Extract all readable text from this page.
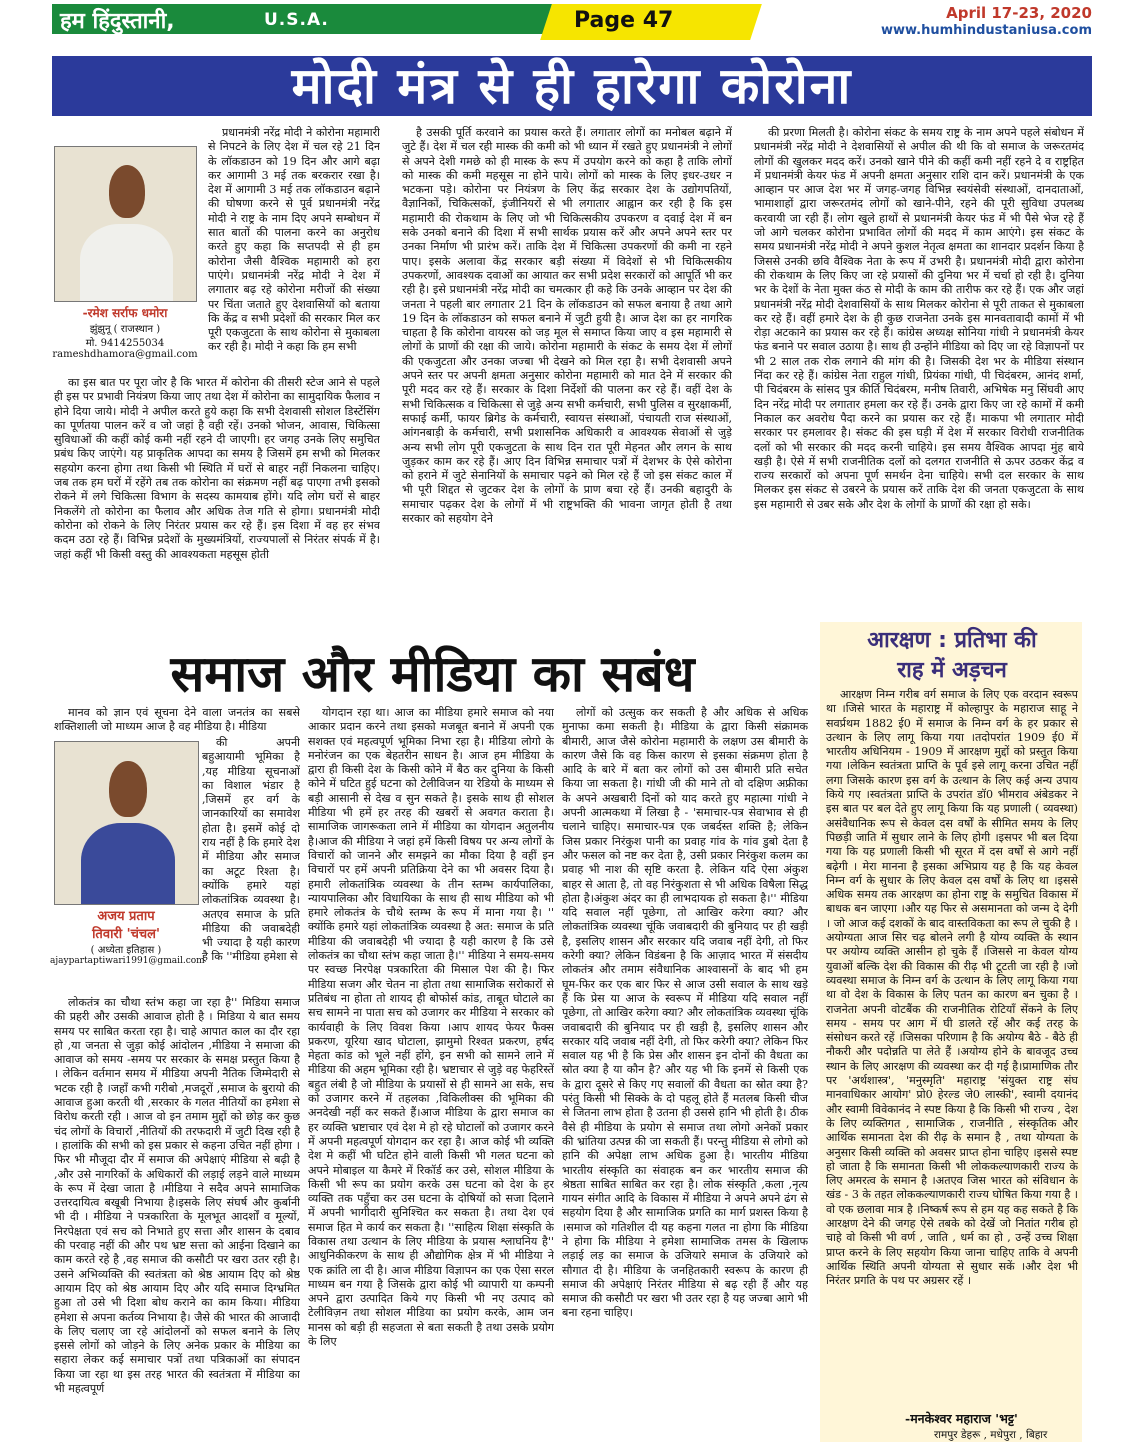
हम हिंदुस्तानी,	U.S.A.	Page 47	April 17-23, 2020
www.humhindustaniusa.com
मोदी मंत्र से ही हारेगा कोरोना
-रमेश सर्राफ धमोरा
झुंझुनू ( राजस्थान )
मो. 9414255034
rameshdhamora@gmail.com

प्रधानमंत्री नरेंद्र मोदी ने कोरोना महामारी से निपटने के लिए देश में चल रहे 21 दिन के लॉकडाउन को 19 दिन और आगे बढ़ा कर आगामी 3 मई तक बरकरार रखा है। देश में आगामी 3 मई तक लॉकडाउन बढ़ाने की घोषणा करने से पूर्व प्रधानमंत्री नरेंद्र मोदी ने राष्ट्र के नाम दिए अपने सम्बोधन में सात बातों की पालना करने का अनुरोध करते हुए कहा कि सप्तपदी से ही हम कोरोना जैसी वैश्विक महामारी को हरा पाएंगे। प्रधानमंत्री नरेंद्र मोदी ने देश में लगातार बढ़ रहे कोरोना मरीजों की संख्या पर चिंता जताते हुए देशवासियों को बताया कि केंद्र व सभी प्रदेशों की सरकार मिल कर पूरी एकजुटता के साथ कोरोना से मुकाबला कर रही है। मोदी ने कहा कि हम सभी

का इस बात पर पूरा जोर है कि भारत में कोरोना की तीसरी स्टेज आने से पहले ही इस पर प्रभावी नियंत्रण किया जाए तथा देश में कोरोना का सामुदायिक फैलाव न होने दिया जाये। मोदी ने अपील करते हुये कहा कि सभी देशवासी सोशल डिस्टेंसिंग का पूर्णतया पालन करें व जो जहां है वही रहें। उनको भोजन, आवास, चिकित्सा सुविधाओं की कहीं कोई कमी नहीं रहने दी जाएगी। हर जगह उनके लिए समुचित प्रबंध किए जाएंगे। यह प्राकृतिक आपदा का समय है जिसमें हम सभी को मिलकर सहयोग करना होगा तथा किसी भी स्थिति में घरों से बाहर नहीं निकलना चाहिए। जब तक हम घरों में रहेंगे तब तक कोरोना का संक्रमण नहीं बढ़ पाएगा तभी इसको रोकने में लगे चिकित्सा विभाग के सदस्य कामयाब होंगे। यदि लोग घरों से बाहर निकलेंगे तो कोरोना का फैलाव और अधिक तेज गति से होगा। प्रधानमंत्री मोदी कोरोना को रोकने के लिए निरंतर प्रयास कर रहे हैं। इस दिशा में वह हर संभव कदम उठा रहे हैं। विभिन्न प्रदेशों के मुख्यमंत्रियों, राज्यपालों से निरंतर संपर्क में है। जहां कहीं भी किसी वस्तु की आवश्यकता महसूस होती

है उसकी पूर्ति करवाने का प्रयास करते हैं। लगातार लोगों का मनोबल बढ़ाने में जुटे हैं। देश में चल रही मास्क की कमी को भी ध्यान में रखते हुए प्रधानमंत्री ने लोगों से अपने देशी गमछे को ही मास्क के रूप में उपयोग करने को कहा है ताकि लोगों को मास्क की कमी महसूस ना होने पाये। लोगों को मास्क के लिए इधर-उधर न भटकना पड़े। कोरोना पर नियंत्रण के लिए केंद्र सरकार देश के उद्योगपतियों, वैज्ञानिकों, चिकित्सकों, इंजीनियरों से भी लगातार आह्वान कर रही है कि इस महामारी की रोकथाम के लिए जो भी चिकित्सकीय उपकरण व दवाई देश में बन सके उनको बनाने की दिशा में सभी सार्थक प्रयास करें और अपने अपने स्तर पर उनका निर्माण भी प्रारंभ करें। ताकि देश में चिकित्सा उपकरणों की कमी ना रहने पाए। इसके अलावा केंद्र सरकार बड़ी संख्या में विदेशों से भी चिकित्सकीय उपकरणों, आवश्यक दवाओं का आयात कर सभी प्रदेश सरकारों को आपूर्ति भी कर रही है। इसे प्रधानमंत्री नरेंद्र मोदी का चमत्कार ही कहे कि उनके आव्हान पर देश की जनता ने पहली बार लगातार 21 दिन के लॉकडाउन को सफल बनाया है तथा आगे 19 दिन के लॉकडाउन को सफल बनाने में जुटी हुयी है। आज देश का हर नागरिक चाहता है कि कोरोना वायरस को जड़ मूल से समाप्त किया जाए व इस महामारी से लोगों के प्राणों की रक्षा की जाये। कोरोना महामारी के संकट के समय देश में लोगों की एकजुटता और उनका जज्बा भी देखने को मिल रहा है। सभी देशवासी अपने अपने स्तर पर अपनी क्षमता अनुसार कोरोना महामारी को मात देने में सरकार की पूरी मदद कर रहे हैं। सरकार के दिशा निर्देशों की पालना कर रहे हैं। वहीं देश के सभी चिकित्सक व चिकित्सा से जुड़े अन्य सभी कर्मचारी, सभी पुलिस व सुरक्षाकर्मी, सफाई कर्मी, फायर ब्रिगेड के कर्मचारी, स्वायत्त संस्थाओं, पंचायती राज संस्थाओं, आंगनबाड़ी के कर्मचारी, सभी प्रशासनिक अधिकारी व आवश्यक सेवाओं से जुड़े अन्य सभी लोग पूरी एकजुटता के साथ दिन रात पूरी मेहनत और लगन के साथ जुड़कर काम कर रहे हैं। आए दिन विभिन्न समाचार पत्रों में देशभर के ऐसे कोरोना को हराने में जुटे सेनानियों के समाचार पढ़ने को मिल रहे हैं जो इस संकट काल में भी पूरी शिद्दत से जुटकर देश के लोगों के प्राण बचा रहे हैं। उनकी बहादुरी के समाचार पढ़कर देश के लोगों में भी राष्ट्रभक्ति की भावना जागृत होती है तथा सरकार को सहयोग देने

की प्ररणा मिलती है। कोरोना संकट के समय राष्ट्र के नाम अपने पहले संबोधन में प्रधानमंत्री नरेंद्र मोदी ने देशवासियों से अपील की थी कि वो समाज के जरूरतमंद लोगों की खुलकर मदद करें। उनको खाने पीने की कहीं कमी नहीं रहने दे व राष्ट्रहित में प्रधानमंत्री केयर फंड में अपनी क्षमता अनुसार राशि दान करें। प्रधानमंत्री के एक आव्हान पर आज देश भर में जगह-जगह विभिन्न स्वयंसेवी संस्थाओं, दानदाताओं, भामाशाहों द्वारा जरूरतमंद लोगों को खाने-पीने, रहने की पूरी सुविधा उपलब्ध करवायी जा रही हैं। लोग खुले हाथों से प्रधानमंत्री केयर फंड में भी पैसे भेज रहे हैं जो आगे चलकर कोरोना प्रभावित लोगों की मदद में काम आएंगे। इस संकट के समय प्रधानमंत्री नरेंद्र मोदी ने अपने कुशल नेतृत्व क्षमता का शानदार प्रदर्शन किया है जिससे उनकी छवि वैश्विक नेता के रूप में उभरी है। प्रधानमंत्री मोदी द्वारा कोरोना की रोकथाम के लिए किए जा रहे प्रयासों की दुनिया भर में चर्चा हो रही है। दुनिया भर के देशों के नेता मुक्त कंठ से मोदी के काम की तारीफ कर रहे हैं। एक और जहां प्रधानमंत्री नरेंद्र मोदी देशवासियों के साथ मिलकर कोरोना से पूरी ताकत से मुकाबला कर रहे हैं। वहीं हमारे देश के ही कुछ राजनेता उनके इस मानवतावादी कामों में भी रोड़ा अटकाने का प्रयास कर रहे हैं। कांग्रेस अध्यक्ष सोनिया गांधी ने प्रधानमंत्री केयर फंड बनाने पर सवाल उठाया है। साथ ही उन्होंने मीडिया को दिए जा रहे विज्ञापनों पर भी 2 साल तक रोक लगाने की मांग की है। जिसकी देश भर के मीडिया संस्थान निंदा कर रहे हैं। कांग्रेस नेता राहुल गांधी, प्रियंका गांधी, पी चिदंबरम, आनंद शर्मा, पी चिदंबरम के सांसद पुत्र कीर्ति चिदंबरम, मनीष तिवारी, अभिषेक मनु सिंघवी आए दिन नरेंद्र मोदी पर लगातार हमला कर रहे हैं। उनके द्वारा किए जा रहे कामों में कमी निकाल कर अवरोध पैदा करने का प्रयास कर रहे हैं। माकपा भी लगातार मोदी सरकार पर हमलावर है। संकट की इस घड़ी में देश में सरकार विरोधी राजनीतिक दलों को भी सरकार की मदद करनी चाहिये। इस समय वैश्विक आपदा मुंह बाये खड़ी है। ऐसे में सभी राजनीतिक दलों को दलगत राजनीति से ऊपर उठकर केंद्र व राज्य सरकारों को अपना पूर्ण समर्थन देना चाहिये। सभी दल सरकार के साथ मिलकर इस संकट से उबरने के प्रयास करें ताकि देश की जनता एकजुटता के साथ इस महामारी से उबर सके और देश के लोगों के प्राणों की रक्षा हो सके।

समाज और मीडिया का सबंध

मानव को ज्ञान एवं सूचना देने वाला जनतंत्र का सबसे शक्तिशाली जो माध्यम आज है वह मीडिया है। मीडिया

अजय प्रताप
तिवारी 'चंचल'
( अध्येता इतिहास )
ajaypartaptiwari1991@gmail.com

की अपनी बहुआयामी भूमिका है ,यह मीडिया सूचनाओं का विशाल भंडार है ,जिसमें हर वर्ग के जानकारियों का समावेश होता है। इसमें कोई दो राय नहीं है कि हमारे देश में मीडिया और समाज का अटूट रिश्ता है। क्योंकि हमारे यहां लोकतांत्रिक व्यवस्था है।अतएव समाज के प्रति मीडिया की जवाबदेही भी ज्यादा है यही कारण है कि ''मीडिया हमेशा से

लोकतंत्र का चौथा स्तंभ कहा जा रहा है'' मिडिया समाज की प्रहरी और उसकी आवाज होती है । मिडिया ये बात समय समय पर साबित करता रहा है। चाहे आपात काल का दौर रहा हो ,या जनता से जुड़ा कोई आंदोलन ,मीडिया ने समाजा की आवाज को समय -समय पर सरकार के समक्ष प्रस्तुत किया है । लेकिन वर्तमान समय में मीडिया अपनी नैतिक जिम्मेदारी से भटक रही है ।जहाँ कभी गरीबो ,मजदूरों ,समाज के बुरायो की आवाज हुआ करती थी ,सरकार के गलत नीतियों का हमेशा से विरोध करती रही । आज वो इन तमाम मुद्दों को छोड़ कर कुछ चंद लोगों के विचारों ,नीतियों की तरफदारी में जुटी दिख रही है । हालांकि की सभी को इस प्रकार से कहना उचित नहीं होगा ।फिर भी मौजूदा दौर में समाज की अपेक्षाएं मीडिया से बढ़ी है ,और उसे नागरिकों के अधिकारों की लड़ाई लड़ने वाले माध्यम के रूप में देखा जाता है ।मीडिया ने सदैव अपने सामाजिक उत्तरदायित्व बखूबी निभाया है।इसके लिए संघर्ष और कुर्बानी भी दी । मीडिया ने पत्रकारिता के मूलभूत आदर्शों व मूल्यों, निरपेक्षता एवं सच को निभाते हुए सत्ता और शासन के दबाव की परवाह नहीं की और पथ भ्रष्ट सत्ता को आईना दिखाने का काम करते रहे है ,वह समाज की कसौटी पर खरा उतर रही है। उसने अभिव्यक्ति की स्वतंत्रता को श्रेष्ठ आयाम दिए को श्रेष्ठ आयाम दिए को श्रेष्ठ आयाम दिए और यदि समाज दिग्भ्रमित हुआ तो उसे भी दिशा बोध कराने का काम किया। मीडिया हमेशा से अपना कर्तव्य निभाया है। जैसे की भारत की आजादी के लिए चलाए जा रहे आंदोलनों को सफल बनाने के लिए इससे लोगों को जोड़ने के लिए अनेक प्रकार के मीडिया का सहारा लेकर कई समाचार पत्रों तथा पत्रिकाओं का संपादन किया जा रहा था इस तरह भारत की स्वतंत्रता में मीडिया का भी महत्वपूर्ण

योगदान रहा था। आज का मीडिया हमारे समाज को नया आकार प्रदान करने तथा इसको मजबूत बनाने में अपनी एक सशक्त एवं महत्वपूर्ण भूमिका निभा रहा है। मीडिया लोगो के मनोरंजन का एक बेहतरीन साधन है। आज हम मीडिया के द्वारा ही किसी देश के किसी कोने में बैठ कर दुनिया के किसी कोने में घटित हुई घटना को टेलीविजन या रेडियो के माध्यम से बड़ी आसानी से देख व सुन सकते है। इसके साथ ही सोशल मीडिया भी हमें हर तरह की खबरों से अवगत कराता है। सामाजिक जागरूकता लाने में मीडिया का योगदान अतुलनीय है।आज की मीडिया ने जहां हमें किसी विषय पर अन्य लोगों के विचारों को जानने और समझने का मौका दिया है वहीं इन विचारों पर हमें अपनी प्रतिक्रिया देने का भी अवसर दिया है। हमारी लोकतांत्रिक व्यवस्था के तीन स्तम्भ कार्यपालिका, न्यायपालिका और विधायिका के साथ ही साथ मीडिया को भी हमारे लोकतंत्र के चौथे स्तम्भ के रूप में माना गया है। '' क्योंकि हमारे यहां लोकतांत्रिक व्यवस्था है अत: समाज के प्रति मीडिया की जवाबदेही भी ज्यादा है यही कारण है कि उसे लोकतंत्र का चौथा स्तंभ कहा जाता है।'' मीडिया ने समय-समय पर स्वच्छ निरपेक्ष पत्रकारिता की मिसाल पेश की है। फिर मीडिया सजग और चेतन ना होता तथा सामाजिक सरोकारों से प्रतिबंध ना होता तो शायद ही बोफोर्स कांड, ताबूत घोटाले का सच सामने ना पाता सच को उजागर कर मीडिया ने सरकार को कार्यवाही के लिए विवश किया ।आप शायद फेयर फैक्स प्रकरण, यूरिया खाद घोटाला, झामुमो रिश्वत प्रकरण, हर्षद मेहता कांड को भूले नहीं होंगे, इन सभी को सामने लाने में मीडिया की अहम भूमिका रही है। भ्रष्टाचार से जुड़े वह फेहरिस्तें बहुत लंबी है जो मीडिया के प्रयासों से ही सामने आ सके, सच को उजागर करने में तहलका ,विकिलीक्स की भूमिका की अनदेखी नहीं कर सकते हैं।आज मीडिया के द्वारा समाज का हर व्यक्ति भ्रष्टाचार एवं देश मे हो रहे घोटालों को उजागर करने में अपनी महत्वपूर्ण योगदान कर रहा है। आज कोई भी व्यक्ति देश मे कहीं भी घटित होने वाली किसी भी गलत घटना को अपने मोबाइल या कैमरे में रिकॉर्ड कर उसे, सोशल मीडिया के किसी भी रूप का प्रयोग करके उस घटना को देश के हर व्यक्ति तक पहुँचा कर उस घटना के दोषियों को सजा दिलाने में अपनी भागीदारी सुनिश्चित कर सकता है। तथा देश एवं समाज हित मे कार्य कर सकता है। ''साहित्य शिक्षा संस्कृति के विकास तथा उत्थान के लिए मीडिया के प्रयास श्लाघनिय है'' आधुनिकीकरण के साथ ही औद्योगिक क्षेत्र में भी मीडिया ने एक क्रांति ला दी है। आज मीडिया विज्ञापन का एक ऐसा सरल माध्यम बन गया है जिसके द्वारा कोई भी व्यापारी या कम्पनी अपने द्वारा उत्पादित किये गए किसी भी नए उत्पाद को टेलीविज़न तथा सोशल मीडिया का प्रयोग करके, आम जन मानस को बड़ी ही सहजता से बता सकती है तथा उसके प्रयोग के लिए

लोगों को उत्सुक कर सकती है और अधिक से अधिक मुनाफा कमा सकती है। मीडिया के द्वारा किसी संक्रामक बीमारी, आज जैसे कोरोना महामारी के लक्षण उस बीमारी के कारण जैसे कि वह किस कारण से इसका संक्रमण होता है आदि के बारे में बता कर लोगों को उस बीमारी प्रति सचेत किया जा सकता है। गांधी जी की माने तो वो दक्षिण अफ्रीका के अपने अखबारी दिनों को याद करते हुए महात्मा गांधी ने अपनी आत्मकथा में लिखा है - 'समाचार-पत्र सेवाभाव से ही चलाने चाहिए। समाचार-पत्र एक जबर्दस्त शक्ति है; लेकिन जिस प्रकार निरंकुश पानी का प्रवाह गांव के गांव डुबो देता है और फसल को नष्ट कर देता है, उसी प्रकार निरंकुश कलम का प्रवाह भी नाश की सृष्टि करता है. लेकिन यदि ऐसा अंकुश बाहर से आता है, तो वह निरंकुशता से भी अधिक विषैला सिद्ध होता है।अंकुश अंदर का ही लाभदायक हो सकता है।'' मीडिया यदि सवाल नहीं पूछेगा, तो आखिर करेगा क्या? और लोकतांत्रिक व्यवस्था चूंकि जवाबदारी की बुनियाद पर ही खड़ी है, इसलिए शासन और सरकार यदि जवाब नहीं देगी, तो फिर करेगी क्या? लेकिन विडंबना है कि आज़ाद भारत में संसदीय लोकतंत्र और तमाम संवैधानिक आश्वासनों के बाद भी हम घूम-फिर कर एक बार फिर से आज उसी सवाल के साथ खड़े हैं कि प्रेस या आज के स्वरूप में मीडिया यदि सवाल नहीं पूछेगा, तो आखिर करेगा क्या? और लोकतांत्रिक व्यवस्था चूंकि जवाबदारी की बुनियाद पर ही खड़ी है, इसलिए शासन और सरकार यदि जवाब नहीं देगी, तो फिर करेगी क्या? लेकिन फिर सवाल यह भी है कि प्रेस और शासन इन दोनों की वैधता का स्रोत क्या है या कौन है? और यह भी कि इनमें से किसी एक के द्वारा दूसरे से किए गए सवालों की वैधता का स्रोत क्या है? परंतु किसी भी सिक्के के दो पहलू होते हैं मतलब किसी चीज से जितना लाभ होता है उतना ही उससे हानि भी होती है। ठीक वैसे ही मीडिया के प्रयोग से समाज तथा लोगो अनेकों प्रकार की भ्रांतिया उत्पन्न की जा सकती हैं। परन्तु मीडिया से लोगो को हानि की अपेक्षा लाभ अधिक हुआ है। भारतीय मीडिया भारतीय संस्कृति का संवाहक बन कर भारतीय समाज की श्रेष्ठता साबित साबित कर रहा है। लोक संस्कृति ,कला ,नृत्य गायन संगीत आदि के विकास में मीडिया ने अपने अपने ढंग से सहयोग दिया है और सामाजिक प्रगति का मार्ग प्रशस्त किया है ।समाज को गतिशील दी यह कहना गलत ना होगा कि मीडिया ने होगा कि मीडिया ने हमेशा सामाजिक तमस के खिलाफ लड़ाई लड़ का समाज के उजियारे समाज के उजियारे को सौगात दी है। मीडिया के जनहितकारी स्वरूप के कारण ही समाज की अपेक्षाएं निरंतर मीडिया से बढ़ रही हैं और यह समाज की कसौटी पर खरा भी उतर रहा है यह जज्बा आगे भी बना रहना चाहिए।

आरक्षण : प्रतिभा की
राह में अड़चन

आरक्षण निम्न गरीब वर्ग समाज के लिए एक वरदान स्वरूप था ।जिसे भारत के महाराष्ट्र में कोल्हापुर के महाराज साहू ने सवर्प्रथम 1882 ई0 में समाज के निम्न वर्ग के हर प्रकार से उत्थान के लिए लागू किया गया ।तदोपरांत 1909 ई0 में भारतीय अधिनियम - 1909 में आरक्षण मुद्दों को प्रस्तुत किया गया ।लेकिन स्वतंत्रता प्राप्ति के पूर्व इसे लागू करना उचित नहीं लगा जिसके कारण इस वर्ग के उत्थान के लिए कई अन्य उपाय किये गए ।स्वतंत्रता प्राप्ति के उपरांत डॉ0 भीमराव अंबेडकर ने इस बात पर बल देते हुए लागू किया कि यह प्रणाली ( व्यवस्था) असंवैधानिक रूप से केवल दस वर्षों के सीमित समय के लिए पिछड़ी जाति में सुधार लाने के लिए होगी ।इसपर भी बल दिया गया कि यह प्रणाली किसी भी सूरत में दस वर्षों से आगे नहीं बढ़ेगी । मेरा मानना है इसका अभिप्राय यह है कि यह केवल निम्न वर्ग के सुधार के लिए केवल दस वर्षों के लिए था ।इससे अधिक समय तक आरक्षण का होना राष्ट्र के समुचित विकास में बाधक बन जाएगा ।और यह फिर से असमानता को जन्म दे देगी । जो आज कई दशकों के बाद वास्तविकता का रूप ले चुकी है ।अयोग्यता आज सिर चढ़ बोलने लगी है योग्य व्यक्ति के स्थान पर अयोग्य व्यक्ति आसीन हो चुके हैं ।जिससे ना केवल योग्य युवाओं बल्कि देश की विकास की रीढ़ भी टूटती जा रही है ।जो व्यवस्था समाज के निम्न वर्ग के उत्थान के लिए लागू किया गया था वो देश के विकास के लिए पतन का कारण बन चुका है ।राजनेता अपनी वोटबैंक की राजनीतिक रोटियाँ सेंकने के लिए समय - समय पर आग में घी डालते रहें और कई तरह के संसोधन करते रहें ।जिसका परिणाम है कि अयोग्य बैठे - बैठे ही नौकरी और पदोन्नति पा लेते हैं ।अयोग्य होने के बावजूद उच्च स्थान के लिए आरक्षण की व्यवस्था कर दी गई है।प्रामाणिक तौर पर 'अर्थशास्त्र', 'मनुस्मृति' महाराष्ट्र 'संयुक्त राष्ट्र संघ मानवाधिकार आयोग' प्रो0 हेरल्ड जे0 लास्की', स्वामी दयानंद और स्वामी विवेकानंद ने स्पष्ट किया है कि किसी भी राज्य , देश के लिए व्यक्तिगत , सामाजिक , राजनीति , संस्कृतिक और आर्थिक समानता देश की रीढ़ के समान है , तथा योग्यता के अनुसार किसी व्यक्ति को अवसर प्राप्त होना चाहिए ।इससे स्पष्ट हो जाता है कि समानता किसी भी लोककल्याणकारी राज्य के लिए अमरत्व के समान है ।अतएव जिस भारत को संविधान के खंड - 3 के तहत लोककल्याणकारी राज्य घोषित किया गया है ।वो एक छलावा मात्र है ।निष्कर्ष रूप से हम यह कह सकते है कि आरक्षण देने की जगह ऐसे तबके को देखें जो नितांत गरीब हो चाहे वो किसी भी वर्ण , जाति , धर्म का हो , उन्हें उच्च शिक्षा प्राप्त करने के लिए सहयोग किया जाना चाहिए ताकि वे अपनी आर्थिक स्थिति अपनी योग्यता से सुधार सकें ।और देश भी निरंतर प्रगति के पथ पर अग्रसर रहें ।

-मनकेश्वर महाराज 'भट्ट'
रामपुर डेहरू , मधेपुरा , बिहार
